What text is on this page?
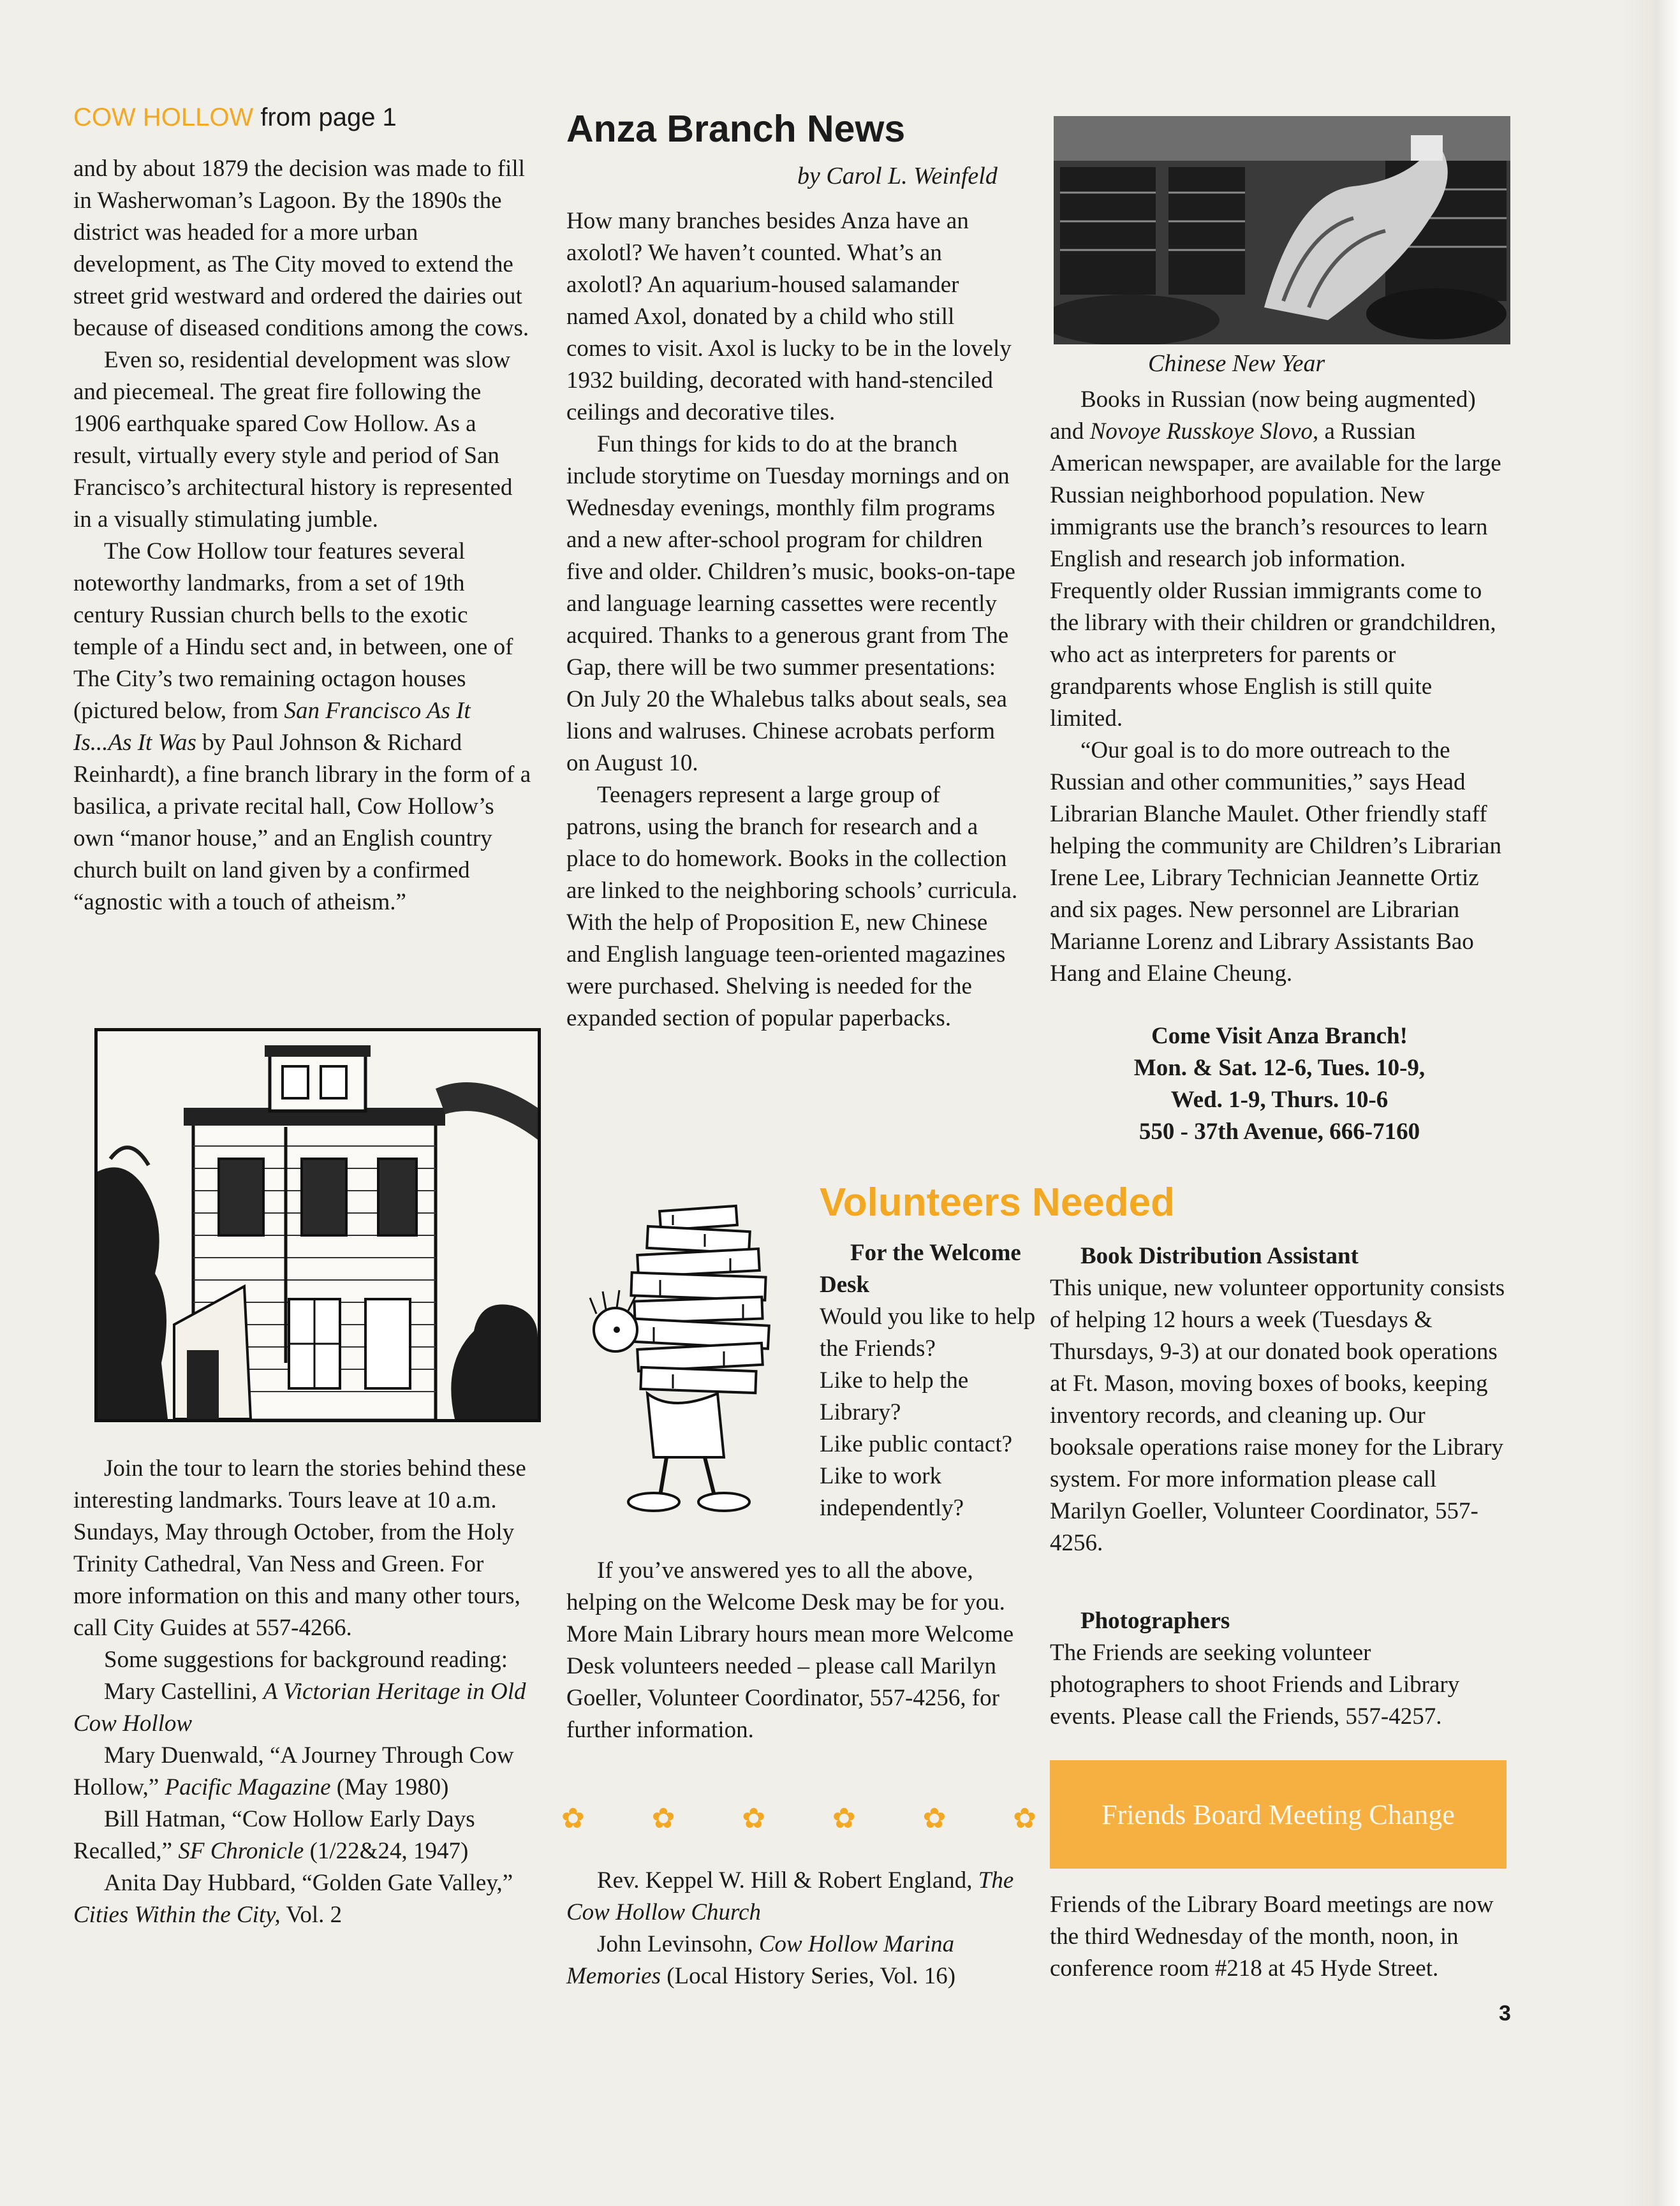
COW HOLLOW from page 1

and by about 1879 the decision was made to fill in Washerwoman’s Lagoon. By the 1890s the district was headed for a more urban development, as The City moved to extend the street grid westward and ordered the dairies out because of diseased conditions among the cows.

Even so, residential development was slow and piecemeal. The great fire following the 1906 earthquake spared Cow Hollow. As a result, virtually every style and period of San Francisco’s architectural history is represented in a visually stimulating jumble.

The Cow Hollow tour features several noteworthy landmarks, from a set of 19th century Russian church bells to the exotic temple of a Hindu sect and, in between, one of The City’s two remaining octagon houses (pictured below, from San Francisco As It Is...As It Was by Paul Johnson & Richard Reinhardt), a fine branch library in the form of a basilica, a private recital hall, Cow Hollow’s own “manor house,” and an English country church built on land given by a confirmed “agnostic with a touch of atheism.”

Join the tour to learn the stories behind these interesting landmarks. Tours leave at 10 a.m. Sundays, May through October, from the Holy Trinity Cathedral, Van Ness and Green. For more information on this and many other tours, call City Guides at 557-4266.

Some suggestions for background reading:

Mary Castellini, A Victorian Heritage in Old Cow Hollow

Mary Duenwald, “A Journey Through Cow Hollow,” Pacific Magazine (May 1980)

Bill Hatman, “Cow Hollow Early Days Recalled,” SF Chronicle (1/22&24, 1947)

Anita Day Hubbard, “Golden Gate Valley,” Cities Within the City, Vol. 2

Anza Branch News
by Carol L. Weinfeld

How many branches besides Anza have an axolotl? We haven’t counted. What’s an axolotl? An aquarium-housed salamander named Axol, donated by a child who still comes to visit. Axol is lucky to be in the lovely 1932 building, decorated with hand-stenciled ceilings and decorative tiles.

Fun things for kids to do at the branch include storytime on Tuesday mornings and on Wednesday evenings, monthly film programs and a new after-school program for children five and older. Children’s music, books-on-tape and language learning cassettes were recently acquired. Thanks to a generous grant from The Gap, there will be two summer presentations: On July 20 the Whalebus talks about seals, sea lions and walruses. Chinese acrobats perform on August 10.

Teenagers represent a large group of patrons, using the branch for research and a place to do homework. Books in the collection are linked to the neighboring schools’ curricula. With the help of Proposition E, new Chinese and English language teen-oriented magazines were purchased. Shelving is needed for the expanded section of popular paperbacks.

Volunteers Needed

For the Welcome Desk

Would you like to help the Friends?

Like to help the Library?

Like public contact?

Like to work independently?

If you’ve answered yes to all the above, helping on the Welcome Desk may be for you. More Main Library hours mean more Welcome Desk volunteers needed – please call Marilyn Goeller, Volunteer Coordinator, 557-4256, for further information.

✿ ✿ ✿ ✿ ✿ ✿

Rev. Keppel W. Hill & Robert England, The Cow Hollow Church

John Levinsohn, Cow Hollow Marina Memories (Local History Series, Vol. 16)

Chinese New Year

Books in Russian (now being augmented) and Novoye Russkoye Slovo, a Russian American newspaper, are available for the large Russian neighborhood population. New immigrants use the branch’s resources to learn English and research job information. Frequently older Russian immigrants come to the library with their children or grandchildren, who act as interpreters for parents or grandparents whose English is still quite limited.

“Our goal is to do more outreach to the Russian and other communities,” says Head Librarian Blanche Maulet. Other friendly staff helping the community are Children’s Librarian Irene Lee, Library Technician Jeannette Ortiz and six pages. New personnel are Librarian Marianne Lorenz and Library Assistants Bao Hang and Elaine Cheung.

Come Visit Anza Branch!

Mon. & Sat. 12-6, Tues. 10-9,

Wed. 1-9, Thurs. 10-6

550 - 37th Avenue, 666-7160

Book Distribution Assistant

This unique, new volunteer opportunity consists of helping 12 hours a week (Tuesdays & Thursdays, 9-3) at our donated book operations at Ft. Mason, moving boxes of books, keeping inventory records, and cleaning up. Our booksale operations raise money for the Library system. For more information please call Marilyn Goeller, Volunteer Coordinator, 557-4256.

Photographers

The Friends are seeking volunteer photographers to shoot Friends and Library events. Please call the Friends, 557-4257.

Friends Board Meeting Change

Friends of the Library Board meetings are now the third Wednesday of the month, noon, in conference room #218 at 45 Hyde Street.

3
